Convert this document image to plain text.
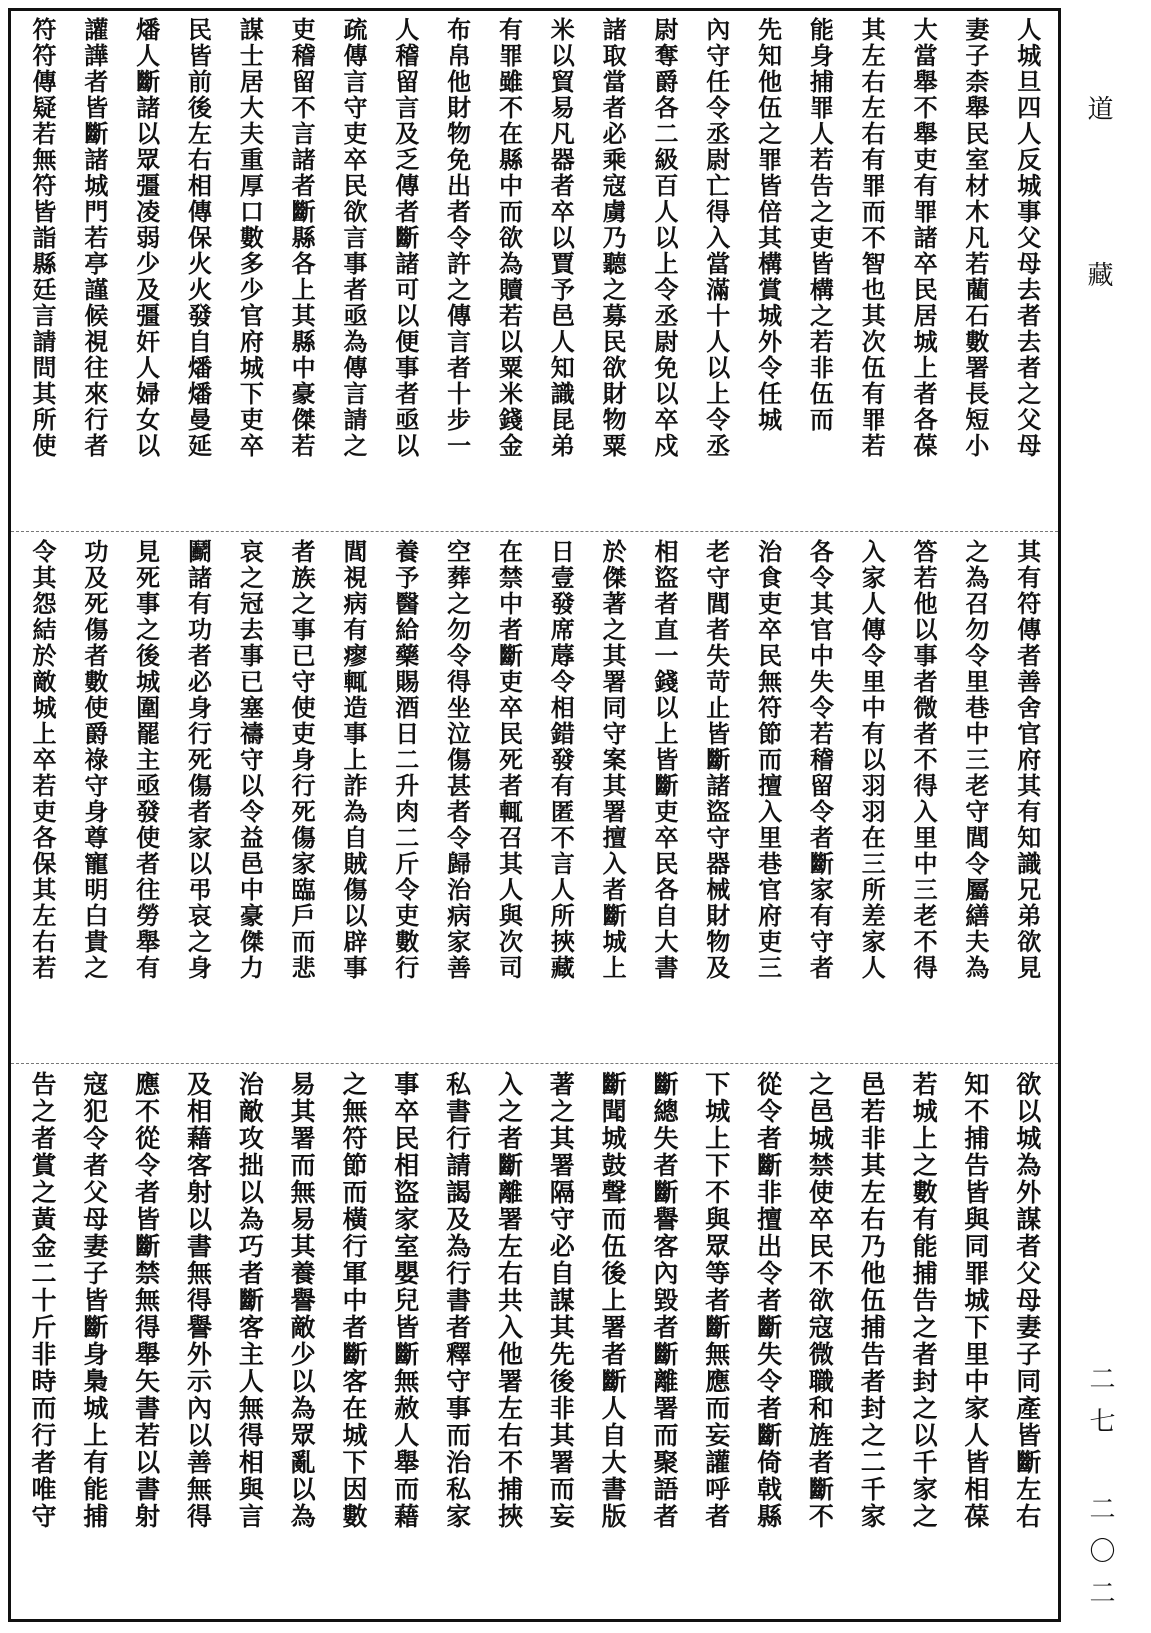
人城旦四人反城事父母去者去者之父母
妻子柰舉民室材木凡若藺石數署長短小
大當舉不舉吏有罪諸卒民居城上者各葆
其左右左右有罪而不智也其次伍有罪若
能身捕罪人若告之吏皆構之若非伍而
先知他伍之罪皆倍其構賞城外令任城
內守任令丞尉亡得入當滿十人以上令丞
尉奪爵各二級百人以上令丞尉免以卒戍
諸取當者必乘寇虜乃聽之募民欲財物粟
米以貿易凡器者卒以賈予邑人知識昆弟
有罪雖不在縣中而欲為贖若以粟米錢金
布帛他財物免出者令許之傳言者十步一
人稽留言及乏傳者斷諸可以便事者亟以
疏傳言守吏卒民欲言事者亟為傳言請之
吏稽留不言諸者斷縣各上其縣中豪傑若
謀士居大夫重厚口數多少官府城下吏卒
民皆前後左右相傳保火火發自燔燔曼延
燔人斷諸以眾彊凌弱少及彊奸人婦女以
讙譁者皆斷諸城門若亭謹候視往來行者
符符傳疑若無符皆詣縣廷言請問其所使
其有符傳者善舍官府其有知識兄弟欲見
之為召勿令里巷中三老守閭令屬繕夫為
答若他以事者微者不得入里中三老不得
入家人傳令里中有以羽羽在三所差家人
各令其官中失令若稽留令者斷家有守者
治食吏卒民無符節而擅入里巷官府吏三
老守閭者失苛止皆斷諸盜守器械財物及
相盜者直一錢以上皆斷吏卒民各自大書
於傑著之其署同守案其署擅入者斷城上
日壹發席蓐令相錯發有匿不言人所挾藏
在禁中者斷吏卒民死者輒召其人與次司
空葬之勿令得坐泣傷甚者令歸治病家善
養予醫給藥賜酒日二升肉二斤令吏數行
閭視病有瘳輒造事上詐為自賊傷以辟事
者族之事已守使吏身行死傷家臨戶而悲
哀之冠去事已塞禱守以令益邑中豪傑力
鬬諸有功者必身行死傷者家以弔哀之身
見死事之後城圍罷主亟發使者往勞舉有
功及死傷者數使爵祿守身尊寵明白貴之
令其怨結於敵城上卒若吏各保其左右若
欲以城為外謀者父母妻子同產皆斷左右
知不捕告皆與同罪城下里中家人皆相葆
若城上之數有能捕告之者封之以千家之
邑若非其左右乃他伍捕告者封之二千家
之邑城禁使卒民不欲寇微職和旌者斷不
從令者斷非擅出令者斷失令者斷倚戟縣
下城上下不與眾等者斷無應而妄讙呼者
斷總失者斷譽客內毀者斷離署而聚語者
斷聞城鼓聲而伍後上署者斷人自大書版
著之其署隔守必自謀其先後非其署而妄
入之者斷離署左右共入他署左右不捕挾
私書行請謁及為行書者釋守事而治私家
事卒民相盜家室嬰兒皆斷無赦人舉而藉
之無符節而橫行軍中者斷客在城下因數
易其署而無易其養譽敵少以為眾亂以為
治敵攻拙以為巧者斷客主人無得相與言
及相藉客射以書無得譽外示內以善無得
應不從令者皆斷禁無得舉矢書若以書射
寇犯令者父母妻子皆斷身梟城上有能捕
告之者賞之黃金二十斤非時而行者唯守
道藏
二七 二〇二
